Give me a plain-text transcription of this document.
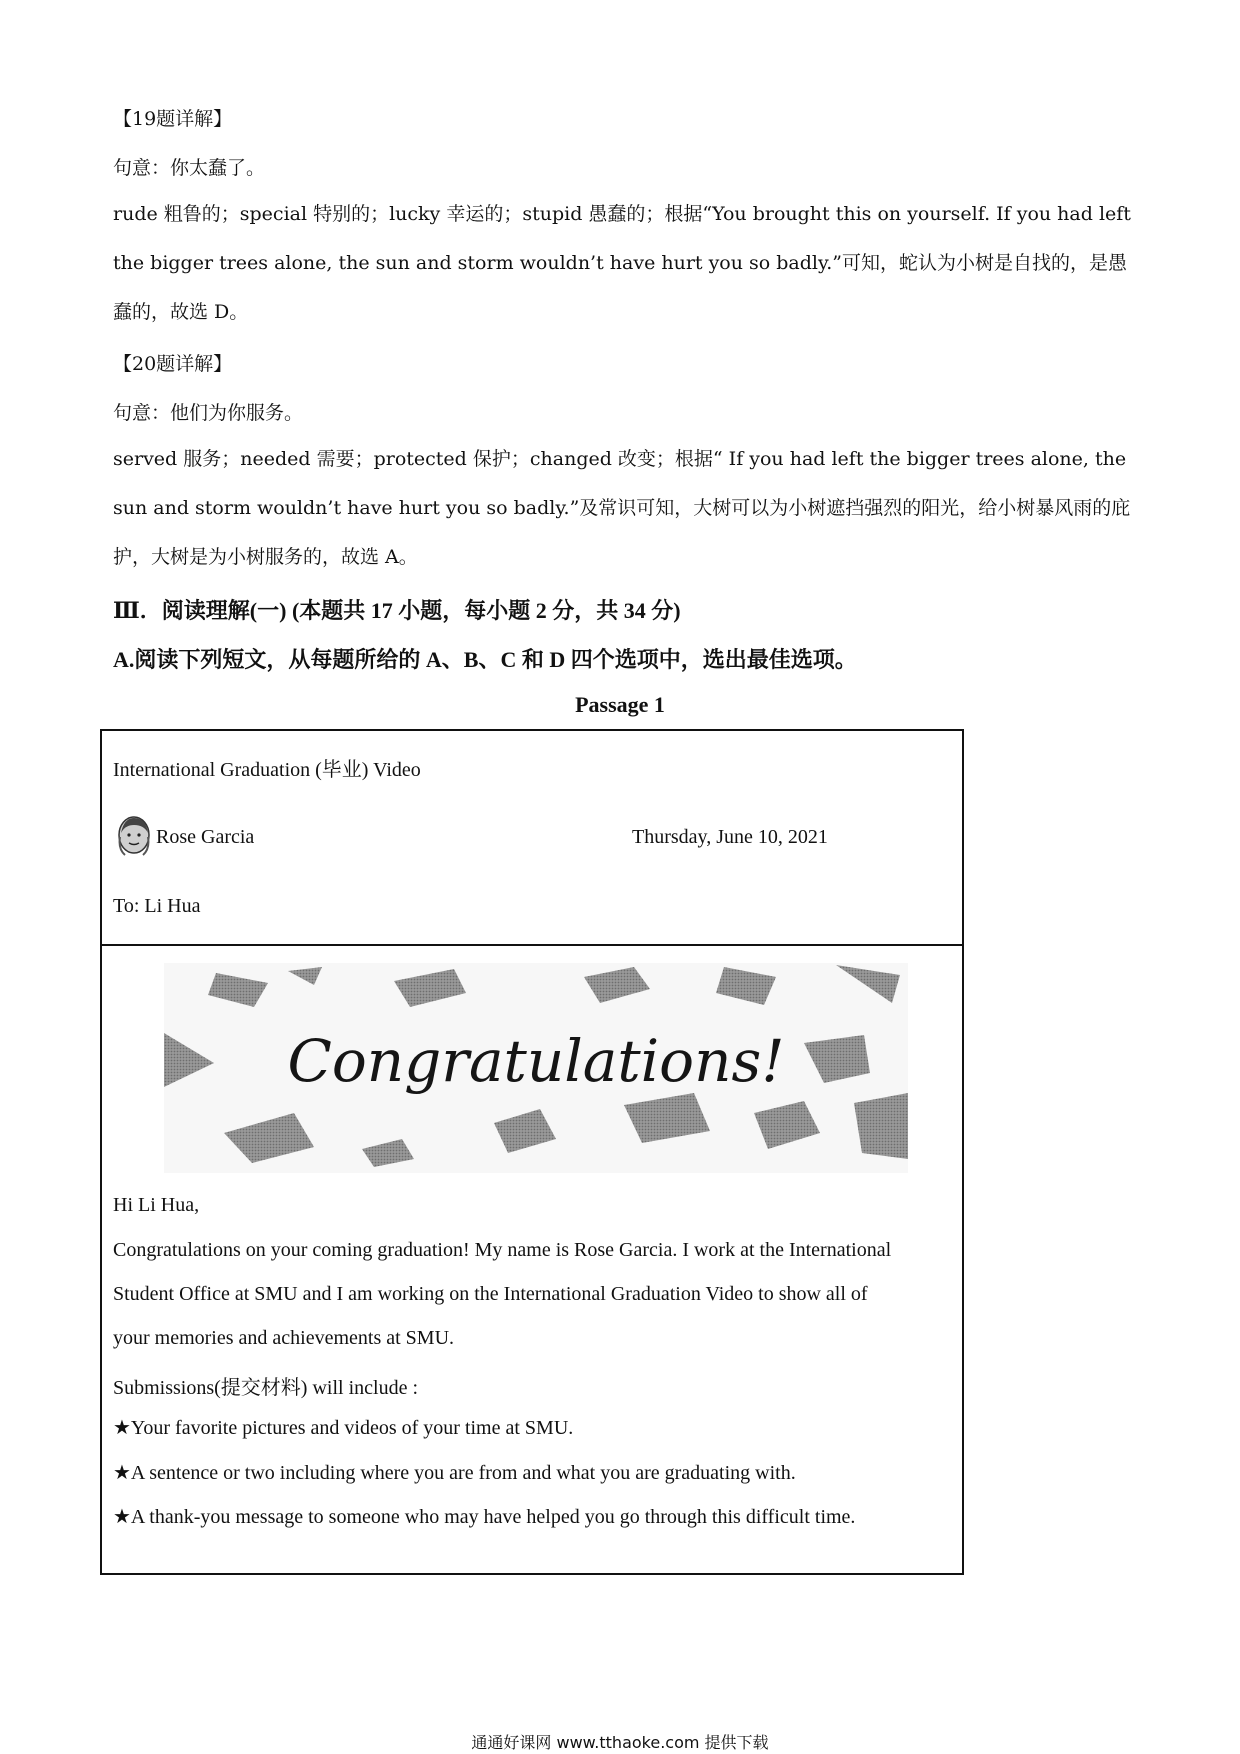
【19题详解】
句意：你太蠢了。

rude 粗鲁的；special 特别的；lucky 幸运的；stupid 愚蠢的；根据“You brought this on yourself. If you had left the bigger trees alone, the sun and storm wouldn’t have hurt you so badly.”可知，蛇认为小树是自找的，是愚蠢的，故选 D。

【20题详解】
句意：他们为你服务。

served 服务；needed 需要；protected 保护；changed 改变；根据“ If you had left the bigger trees alone, the sun and storm wouldn’t have hurt you so badly.”及常识可知，大树可以为小树遮挡强烈的阳光，给小树暴风雨的庇护，大树是为小树服务的，故选 A。

Ⅲ．阅读理解(一) (本题共 17 小题，每小题 2 分，共 34 分)
A.阅读下列短文，从每题所给的 A、B、C 和 D 四个选项中，选出最佳选项。
Passage 1
International Graduation (毕业) Video
Rose Garcia	Thursday, June 10, 2021
To: Li Hua
Congratulations!
Hi Li Hua,
Congratulations on your coming graduation! My name is Rose Garcia. I work at the International
Student Office at SMU and I am working on the International Graduation Video to show all of
your memories and achievements at SMU.
Submissions(提交材料) will include :
★Your favorite pictures and videos of your time at SMU.
★A sentence or two including where you are from and what you are graduating with.
★A thank-you message to someone who may have helped you go through this difficult time.
通通好课网 www.tthaoke.com 提供下载
